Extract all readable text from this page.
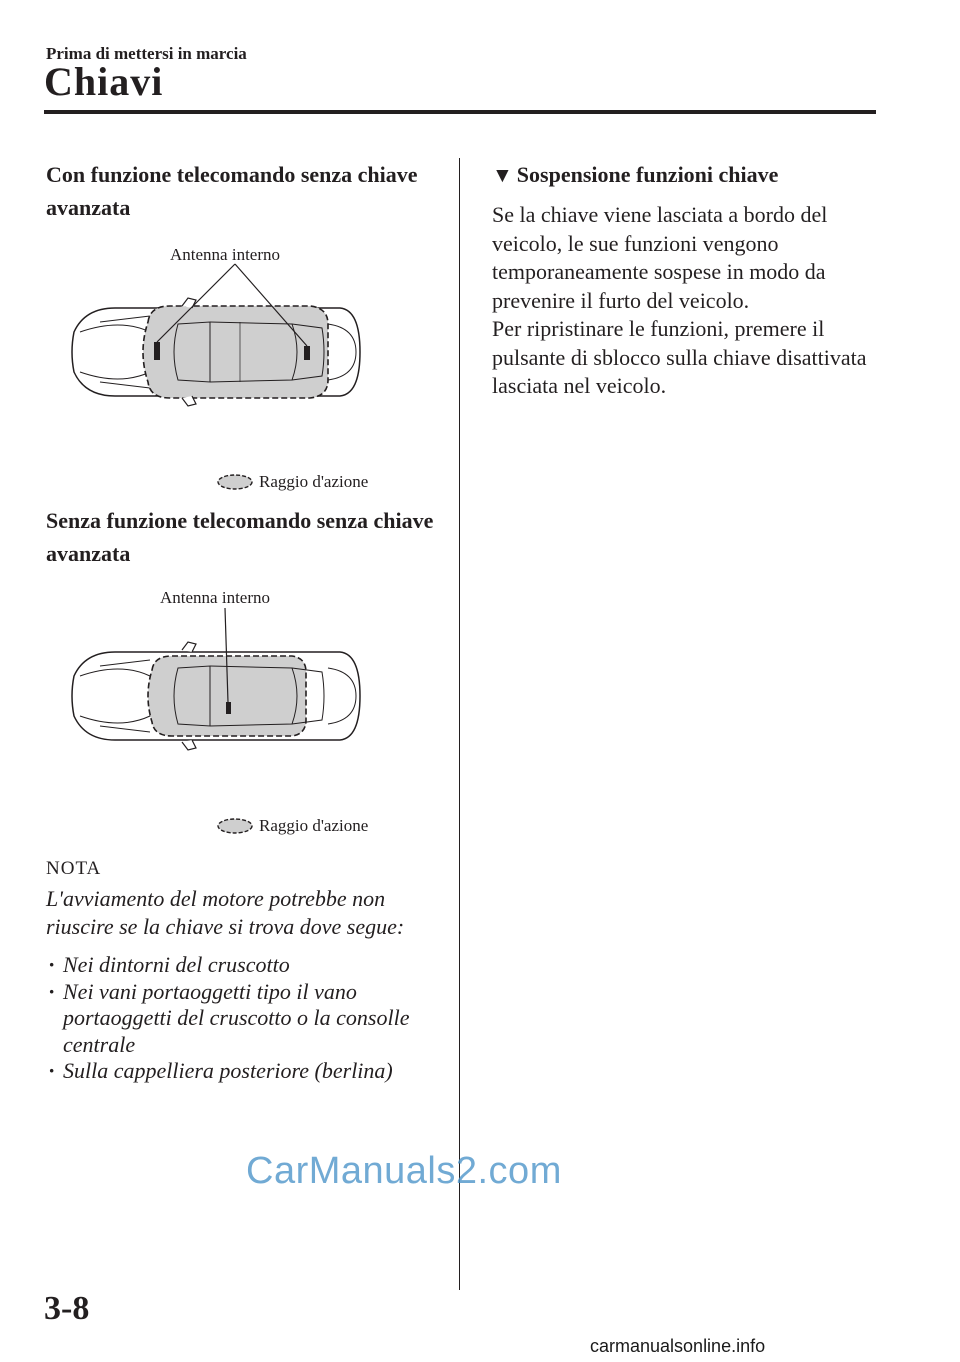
Prima di mettersi in marcia
Chiavi
Con funzione telecomando senza chiave avanzata
Antenna interno
Raggio d'azione
Senza funzione telecomando senza chiave avanzata
Antenna interno
Raggio d'azione
NOTA
L'avviamento del motore potrebbe non riuscire se la chiave si trova dove segue:
· Nei dintorni del cruscotto
· Nei vani portaoggetti tipo il vano portaoggetti del cruscotto o la consolle centrale
· Sulla cappelliera posteriore (berlina)
▼ Sospensione funzioni chiave
Se la chiave viene lasciata a bordo del veicolo, le sue funzioni vengono temporaneamente sospese in modo da prevenire il furto del veicolo.
Per ripristinare le funzioni, premere il pulsante di sblocco sulla chiave disattivata lasciata nel veicolo.
CarManuals2.com
3-8
carmanualsonline.info
